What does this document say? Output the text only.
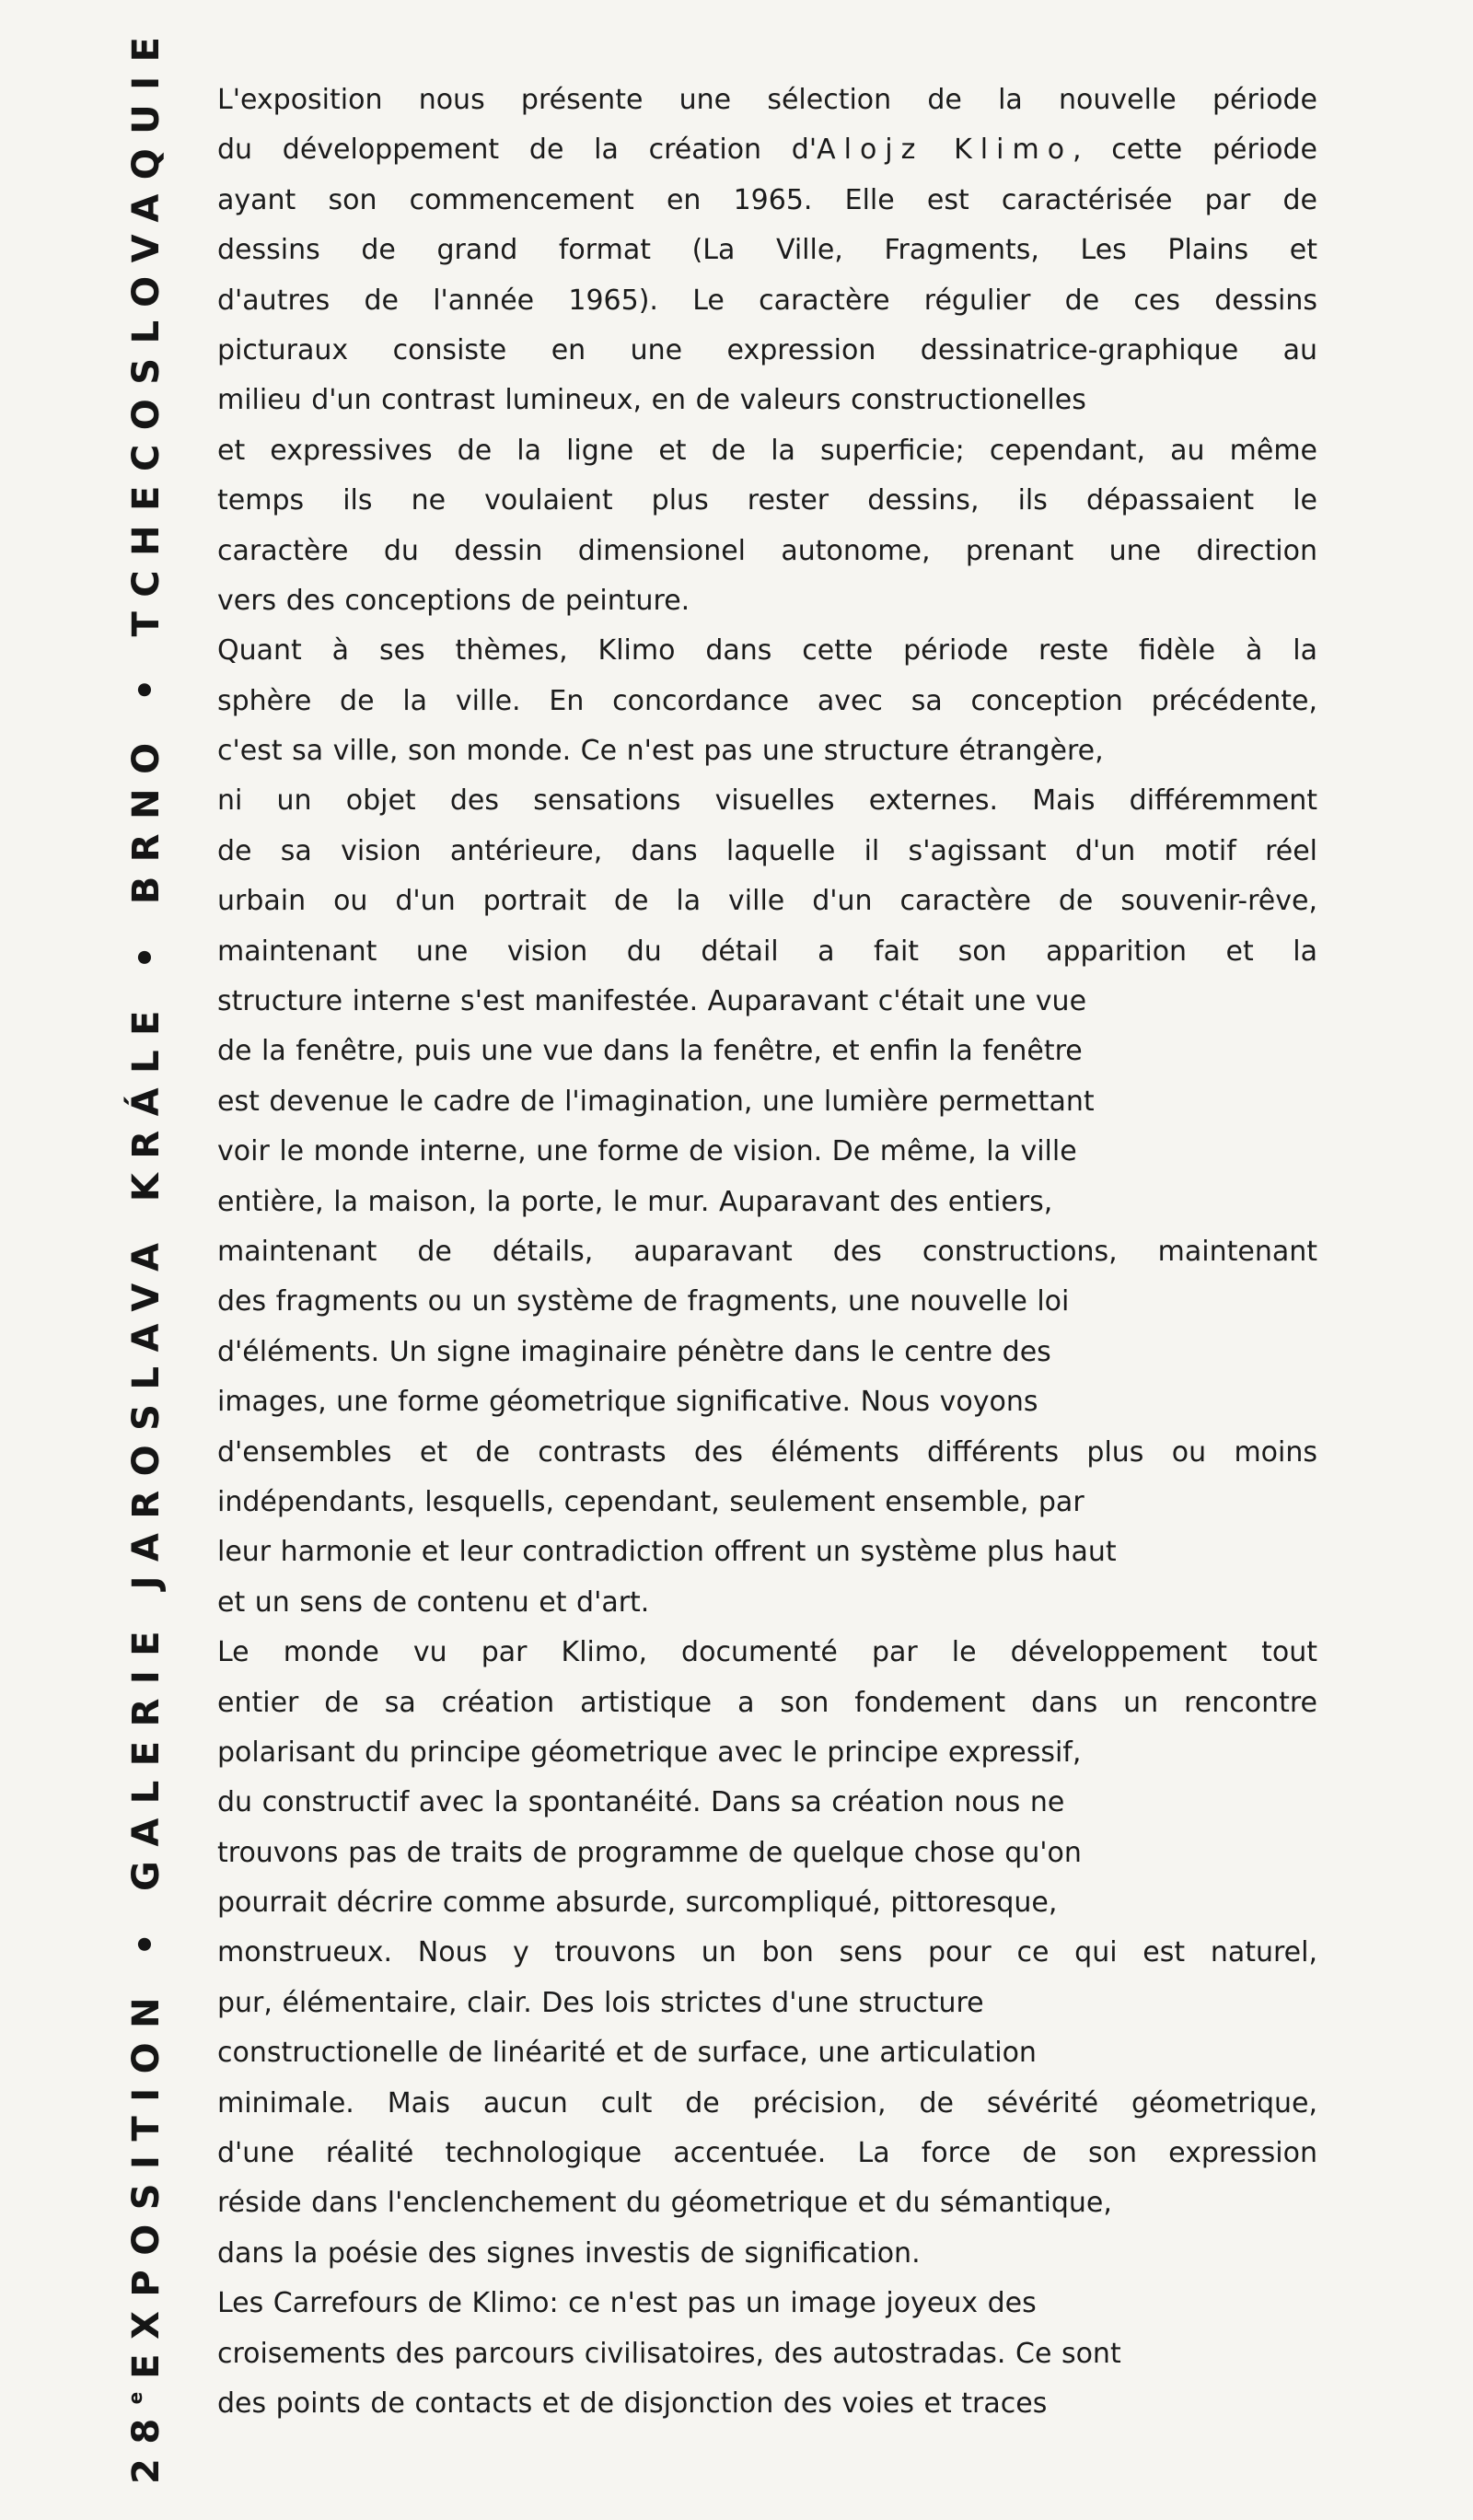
28eEXPOSITION • GALERIE JAROSLAVA KRÁLE • BRNO • TCHECOSLOVAQUIE L'exposition nous présente une sélection de la nouvelle période
du développement de la création d'Alojz Klimo, cette période
ayant son commencement en 1965. Elle est caractérisée par de
dessins de grand format (La Ville, Fragments, Les Plains et
d'autres de l'année 1965). Le caractère régulier de ces dessins
picturaux consiste en une expression dessinatrice-graphique au
milieu d'un contrast lumineux, en de valeurs constructionelles
et expressives de la ligne et de la superficie; cependant, au même
temps ils ne voulaient plus rester dessins, ils dépassaient le
caractère du dessin dimensionel autonome, prenant une direction
vers des conceptions de peinture.
Quant à ses thèmes, Klimo dans cette période reste fidèle à la
sphère de la ville. En concordance avec sa conception précédente,
c'est sa ville, son monde. Ce n'est pas une structure étrangère,
ni un objet des sensations visuelles externes. Mais différemment
de sa vision antérieure, dans laquelle il s'agissant d'un motif réel
urbain ou d'un portrait de la ville d'un caractère de souvenir-rêve,
maintenant une vision du détail a fait son apparition et la
structure interne s'est manifestée. Auparavant c'était une vue
de la fenêtre, puis une vue dans la fenêtre, et enfin la fenêtre
est devenue le cadre de l'imagination, une lumière permettant
voir le monde interne, une forme de vision. De même, la ville
entière, la maison, la porte, le mur. Auparavant des entiers,
maintenant de détails, auparavant des constructions, maintenant
des fragments ou un système de fragments, une nouvelle loi
d'éléments. Un signe imaginaire pénètre dans le centre des
images, une forme géometrique significative. Nous voyons
d'ensembles et de contrasts des éléments différents plus ou moins
indépendants, lesquells, cependant, seulement ensemble, par
leur harmonie et leur contradiction offrent un système plus haut
et un sens de contenu et d'art.
Le monde vu par Klimo, documenté par le développement tout
entier de sa création artistique a son fondement dans un rencontre
polarisant du principe géometrique avec le principe expressif,
du constructif avec la spontanéité. Dans sa création nous ne
trouvons pas de traits de programme de quelque chose qu'on
pourrait décrire comme absurde, surcompliqué, pittoresque,
monstrueux. Nous y trouvons un bon sens pour ce qui est naturel,
pur, élémentaire, clair. Des lois strictes d'une structure
constructionelle de linéarité et de surface, une articulation
minimale. Mais aucun cult de précision, de sévérité géometrique,
d'une réalité technologique accentuée. La force de son expression
réside dans l'enclenchement du géometrique et du sémantique,
dans la poésie des signes investis de signification.
Les Carrefours de Klimo: ce n'est pas un image joyeux des
croisements des parcours civilisatoires, des autostradas. Ce sont
des points de contacts et de disjonction des voies et traces
